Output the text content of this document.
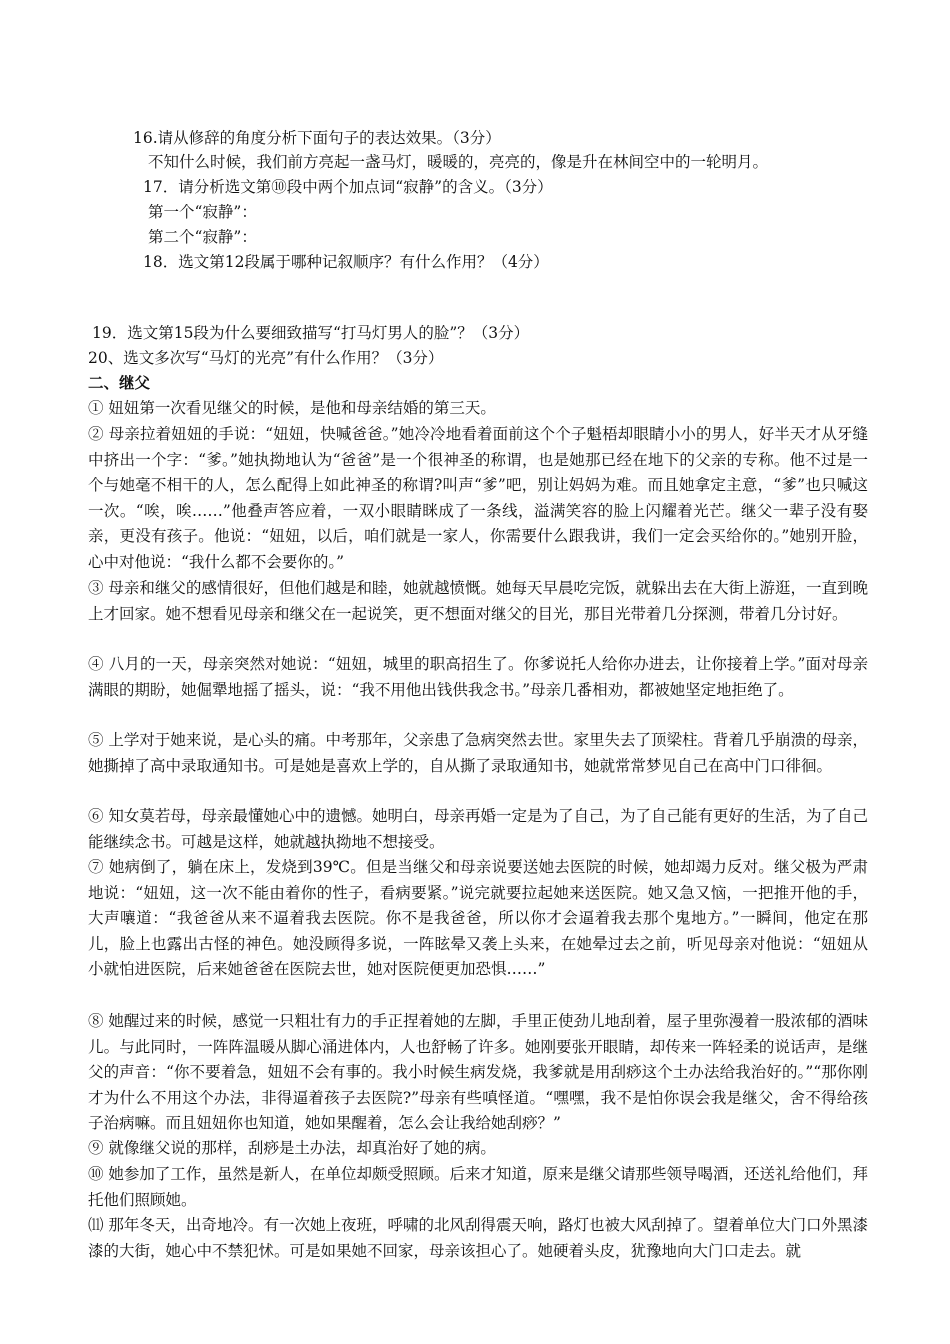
16.请从修辞的角度分析下面句子的表达效果。（3分）

不知什么时候，我们前方亮起一盏马灯，暖暖的，亮亮的，像是升在林间空中的一轮明月。

17．请分析选文第⑩段中两个加点词“寂静”的含义。（3分）

第一个“寂静”：

第二个“寂静”：

18．选文第12段属于哪种记叙顺序？有什么作用？（4分）

19．选文第15段为什么要细致描写“打马灯男人的脸”？（3分）

20、选文多次写“马灯的光亮”有什么作用？（3分）

二、继父

① 妞妞第一次看见继父的时候，是他和母亲结婚的第三天。

② 母亲拉着妞妞的手说：“妞妞，快喊爸爸。”她冷冷地看着面前这个个子魁梧却眼睛小小的男人，好半天才从牙缝中挤出一个字：“爹。”她执拗地认为“爸爸”是一个很神圣的称谓，也是她那已经在地下的父亲的专称。他不过是一个与她毫不相干的人，怎么配得上如此神圣的称谓?叫声“爹”吧，别让妈妈为难。而且她拿定主意，“爹”也只喊这一次。“唉，唉……”他叠声答应着，一双小眼睛眯成了一条线，溢满笑容的脸上闪耀着光芒。继父一辈子没有娶亲，更没有孩子。他说：“妞妞，以后，咱们就是一家人，你需要什么跟我讲，我们一定会买给你的。”她别开脸，心中对他说：“我什么都不会要你的。”

③ 母亲和继父的感情很好，但他们越是和睦，她就越愤慨。她每天早晨吃完饭，就躲出去在大街上游逛，一直到晚上才回家。她不想看见母亲和继父在一起说笑，更不想面对继父的目光，那目光带着几分探测，带着几分讨好。

④ 八月的一天，母亲突然对她说：“妞妞，城里的职高招生了。你爹说托人给你办进去，让你接着上学。”面对母亲满眼的期盼，她倔犟地摇了摇头，说：“我不用他出钱供我念书。”母亲几番相劝，都被她坚定地拒绝了。

⑤ 上学对于她来说，是心头的痛。中考那年，父亲患了急病突然去世。家里失去了顶梁柱。背着几乎崩溃的母亲，她撕掉了高中录取通知书。可是她是喜欢上学的，自从撕了录取通知书，她就常常梦见自己在高中门口徘徊。

⑥ 知女莫若母，母亲最懂她心中的遗憾。她明白，母亲再婚一定是为了自己，为了自己能有更好的生活，为了自己能继续念书。可越是这样，她就越执拗地不想接受。

⑦ 她病倒了，躺在床上，发烧到39℃。但是当继父和母亲说要送她去医院的时候，她却竭力反对。继父极为严肃地说：“妞妞，这一次不能由着你的性子，看病要紧。”说完就要拉起她来送医院。她又急又恼，一把推开他的手，大声嚷道：“我爸爸从来不逼着我去医院。你不是我爸爸，所以你才会逼着我去那个鬼地方。”一瞬间，他定在那儿，脸上也露出古怪的神色。她没顾得多说，一阵眩晕又袭上头来，在她晕过去之前，听见母亲对他说：“妞妞从小就怕进医院，后来她爸爸在医院去世，她对医院便更加恐惧……”

⑧ 她醒过来的时候，感觉一只粗壮有力的手正捏着她的左脚，手里正使劲儿地刮着，屋子里弥漫着一股浓郁的酒味儿。与此同时，一阵阵温暖从脚心涌进体内，人也舒畅了许多。她刚要张开眼睛，却传来一阵轻柔的说话声，是继父的声音：“你不要着急，妞妞不会有事的。我小时候生病发烧，我爹就是用刮痧这个土办法给我治好的。”“那你刚才为什么不用这个办法，非得逼着孩子去医院?”母亲有些嗔怪道。“嘿嘿，我不是怕你误会我是继父，舍不得给孩子治病嘛。而且妞妞你也知道，她如果醒着，怎么会让我给她刮痧？”

⑨ 就像继父说的那样，刮痧是土办法，却真治好了她的病。

⑩ 她参加了工作，虽然是新人，在单位却颇受照顾。后来才知道，原来是继父请那些领导喝酒，还送礼给他们，拜托他们照顾她。

⑾ 那年冬天，出奇地冷。有一次她上夜班，呼啸的北风刮得震天响，路灯也被大风刮掉了。望着单位大门口外黑漆漆的大街，她心中不禁犯怵。可是如果她不回家，母亲该担心了。她硬着头皮，犹豫地向大门口走去。就
